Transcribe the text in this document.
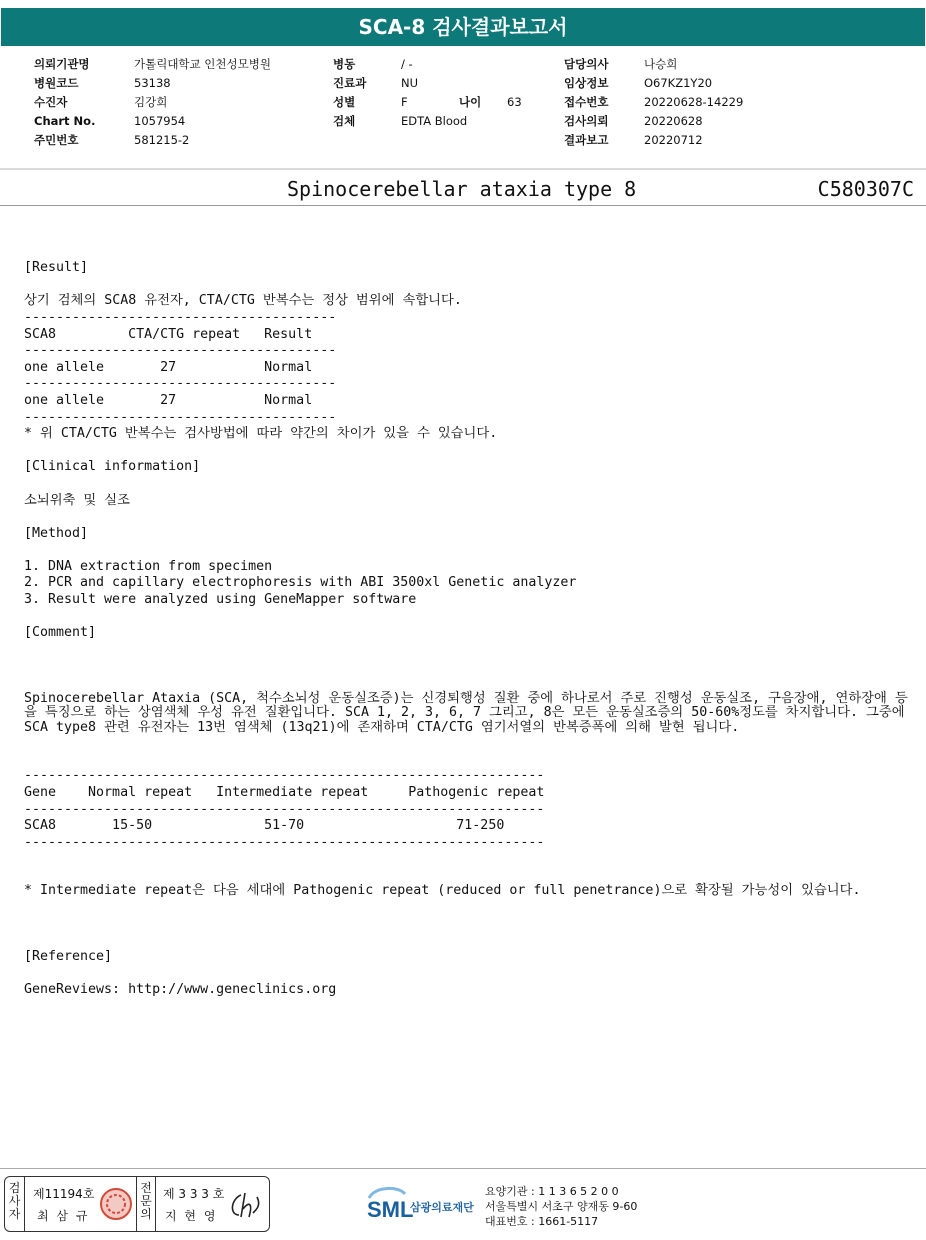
SCA-8 검사결과보고서
의뢰기관명	가톨릭대학교 인천성모병원
병원코드	53138
수진자	김강희
Chart No.	1057954
주민번호	581215-2
병동	/ -
진료과	NU
성별	F	나이 63
검체	EDTA Blood
담당의사	나승희
임상정보	O67KZ1Y20
접수번호	20220628-14229
검사의뢰	20220628
결과보고	20220712
Spinocerebellar ataxia type 8	C580307C

[Result]
상기 검체의 SCA8 유전자, CTA/CTG 반복수는 정상 범위에 속합니다.
---------------------------------------
SCA8         CTA/CTG repeat   Result
---------------------------------------
one allele       27           Normal
---------------------------------------
one allele       27           Normal
---------------------------------------
* 위 CTA/CTG 반복수는 검사방법에 따라 약간의 차이가 있을 수 있습니다.
[Clinical information]
소뇌위축 및 실조
[Method]
1. DNA extraction from specimen
2. PCR and capillary electrophoresis with ABI 3500xl Genetic analyzer
3. Result were analyzed using GeneMapper software
[Comment]

Spinocerebellar Ataxia (SCA, 척수소뇌성 운동실조증)는 신경퇴행성 질환 중에 하나로서 주로 진행성 운동실조, 구음장애, 연하장애 등을 특징으로 하는 상염색체 우성 유전 질환입니다. SCA 1, 2, 3, 6, 7 그리고, 8은 모든 운동실조증의 50-60%정도를 차지합니다. 그중에 SCA type8 관련 유전자는 13번 염색체 (13q21)에 존재하며 CTA/CTG 염기서열의 반복증폭에 의해 발현 됩니다.

-----------------------------------------------------------------
Gene    Normal repeat   Intermediate repeat     Pathogenic repeat
-----------------------------------------------------------------
SCA8       15-50              51-70                   71-250
-----------------------------------------------------------------

* Intermediate repeat은 다음 세대에 Pathogenic repeat (reduced or full penetrance)으로 확장될 가능성이 있습니다.

[Reference]
GeneReviews: http://www.geneclinics.org

검
사
자
제11194호
최 삼 규
전
문
의
제 3 3 3 호
지 현 영	SML
삼광의료재단
요양기관 : 1 1 3 6 5 2 0 0
서울특별시 서초구 양재동 9-60
대표번호 : 1661-5117
